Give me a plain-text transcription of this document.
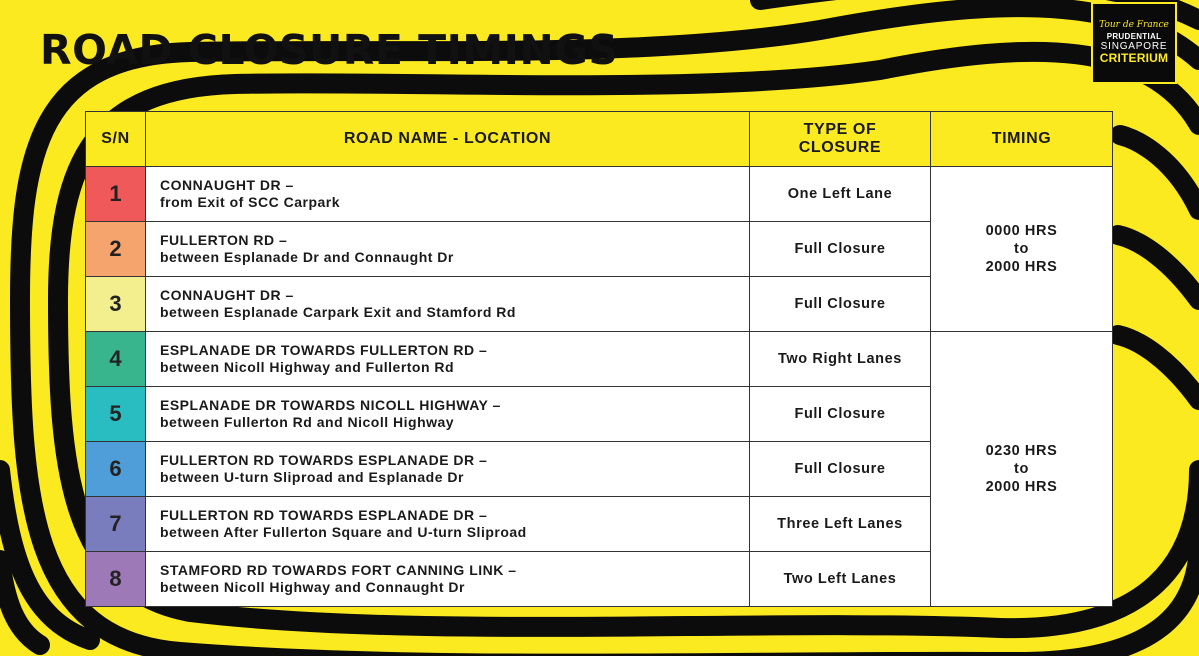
ROAD CLOSURE TIMINGS
Tour de France
PRUDENTIAL
SINGAPORE
CRITERIUM
S/N	ROAD NAME - LOCATION	TYPE OF
CLOSURE	TIMING
1	CONNAUGHT DR –
from Exit of SCC Carpark	One Left Lane	0000 HRS
to
2000 HRS
2	FULLERTON RD –
between Esplanade Dr and Connaught Dr	Full Closure	
3	CONNAUGHT DR –
between Esplanade Carpark Exit and Stamford Rd	Full Closure	
4	ESPLANADE DR TOWARDS FULLERTON RD –
between Nicoll Highway and Fullerton Rd	Two Right Lanes	0230 HRS
to
2000 HRS
5	ESPLANADE DR TOWARDS NICOLL HIGHWAY –
between Fullerton Rd and Nicoll Highway	Full Closure	
6	FULLERTON RD TOWARDS ESPLANADE DR –
between U-turn Sliproad and Esplanade Dr	Full Closure	
7	FULLERTON RD TOWARDS ESPLANADE DR –
between After Fullerton Square and U-turn Sliproad	Three Left Lanes	
8	STAMFORD RD TOWARDS FORT CANNING LINK –
between Nicoll Highway and Connaught Dr	Two Left Lanes	
